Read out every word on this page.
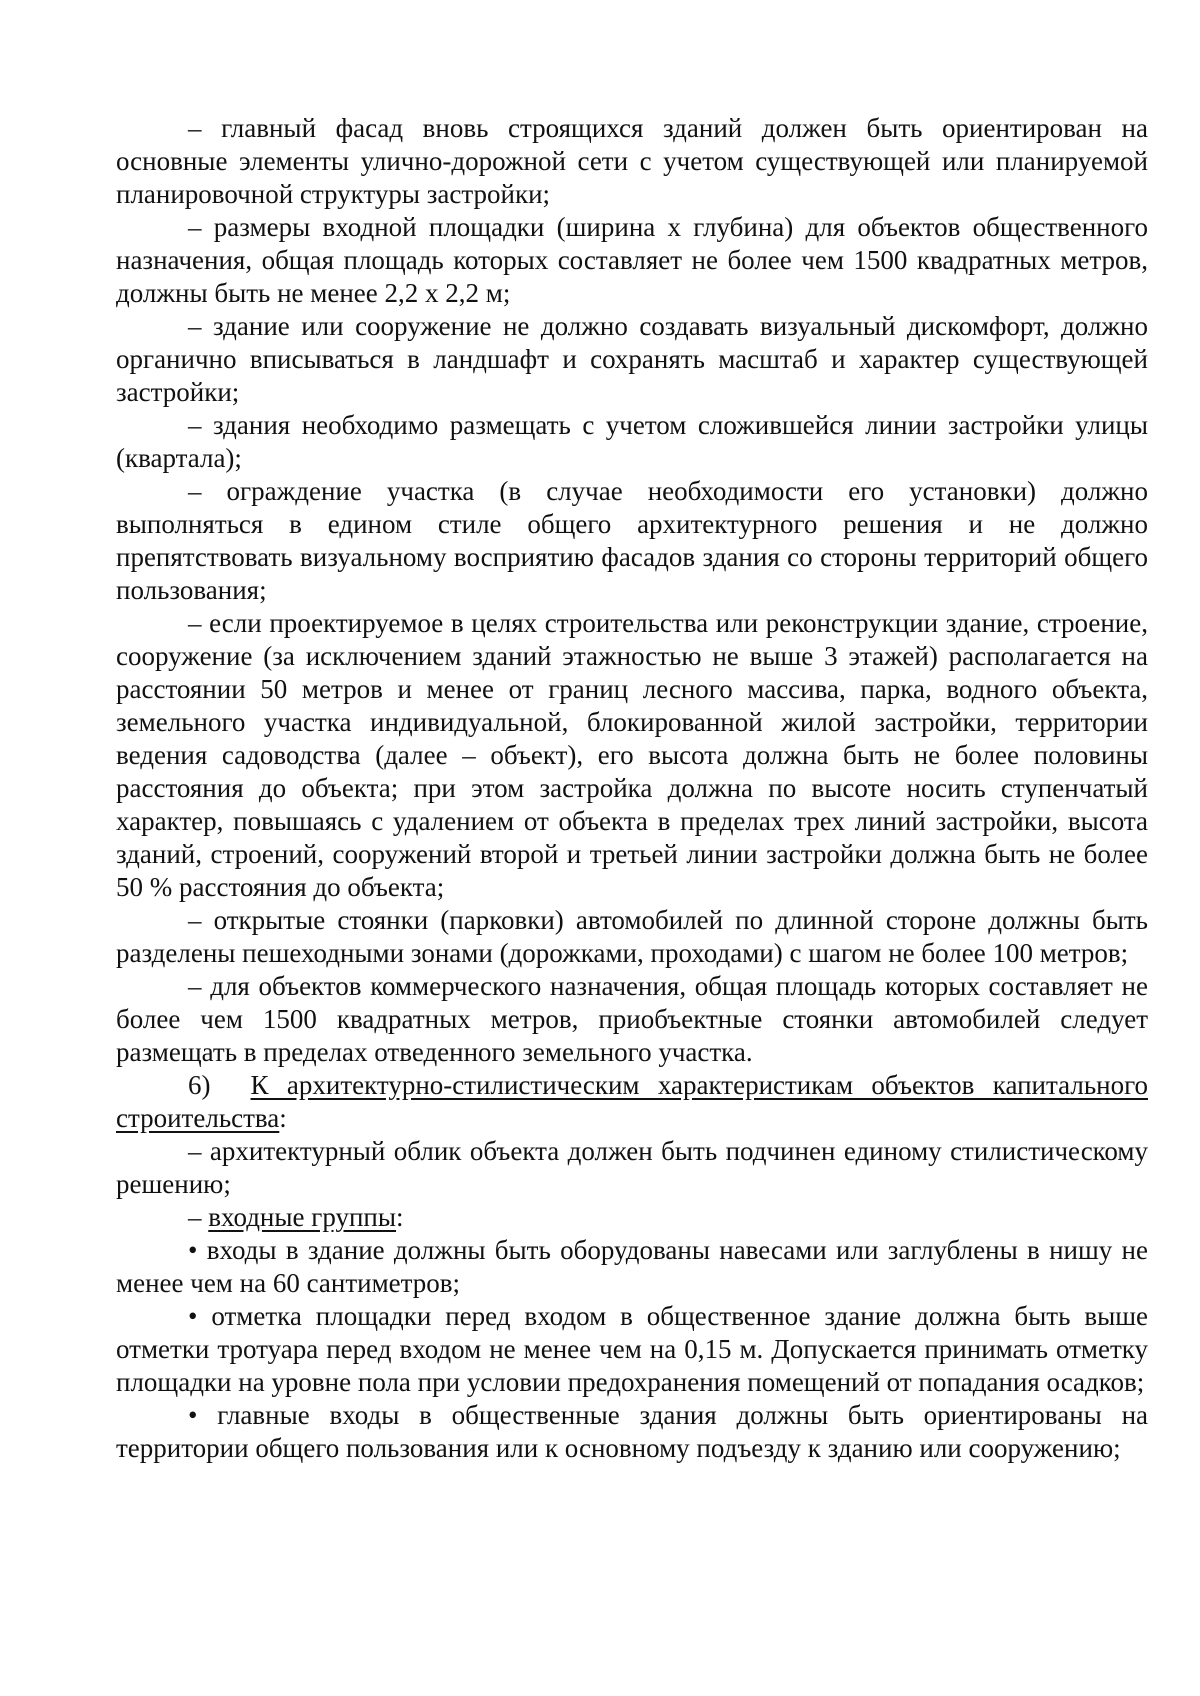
– главный фасад вновь строящихся зданий должен быть ориентирован на основные элементы улично-дорожной сети с учетом существующей или планируемой планировочной структуры застройки;

– размеры входной площадки (ширина х глубина) для объектов общественного назначения, общая площадь которых составляет не более чем 1500 квадратных метров, должны быть не менее 2,2 х 2,2 м;

– здание или сооружение не должно создавать визуальный дискомфорт, должно органично вписываться в ландшафт и сохранять масштаб и характер существующей застройки;

– здания необходимо размещать с учетом сложившейся линии застройки улицы (квартала);

– ограждение участка (в случае необходимости его установки) должно выполняться в едином стиле общего архитектурного решения и не должно препятствовать визуальному восприятию фасадов здания со стороны территорий общего пользования;

– если проектируемое в целях строительства или реконструкции здание, строение, сооружение (за исключением зданий этажностью не выше 3 этажей) располагается на расстоянии 50 метров и менее от границ лесного массива, парка, водного объекта, земельного участка индивидуальной, блокированной жилой застройки, территории ведения садоводства (далее – объект), его высота должна быть не более половины расстояния до объекта; при этом застройка должна по высоте носить ступенчатый характер, повышаясь с удалением от объекта в пределах трех линий застройки, высота зданий, строений, сооружений второй и третьей линии застройки должна быть не более 50 % расстояния до объекта;

– открытые стоянки (парковки) автомобилей по длинной стороне должны быть разделены пешеходными зонами (дорожками, проходами) с шагом не более 100 метров;

– для объектов коммерческого назначения, общая площадь которых составляет не более чем 1500 квадратных метров, приобъектные стоянки автомобилей следует размещать в пределах отведенного земельного участка.

6) К архитектурно-стилистическим характеристикам объектов капитального строительства:

– архитектурный облик объекта должен быть подчинен единому стилистическому решению;

– входные группы:

• входы в здание должны быть оборудованы навесами или заглублены в нишу не менее чем на 60 сантиметров;

• отметка площадки перед входом в общественное здание должна быть выше отметки тротуара перед входом не менее чем на 0,15 м. Допускается принимать отметку площадки на уровне пола при условии предохранения помещений от попадания осадков;

• главные входы в общественные здания должны быть ориентированы на территории общего пользования или к основному подъезду к зданию или сооружению;
